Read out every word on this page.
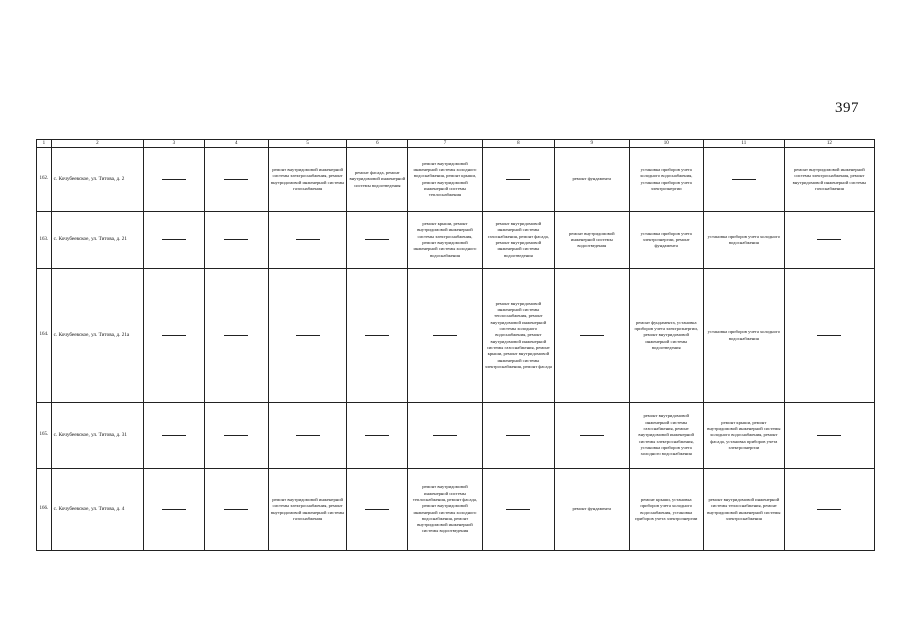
397
1	2	3	4	5	6	7	8	9	10	11	12
162.	с. Кочубеевское, ул. Титова, д. 2			ремонт внутридомовой инженерной системы электроснабжения, ремонт внутридомовой инженерной системы газоснабжения	ремонт фасада, ремонт внутридомовой инженерной системы водоотведения	ремонт внутридомовой инженерной системы холодного водоснабжения, ремонт крыши, ремонт внутридомовой инженерной системы теплоснабжения		ремонт фундамента	установка приборов учета холодного водоснабжения, установка приборов учета электроэнергии		ремонт внутридомовой инженерной системы электроснабжения, ремонт внутридомовой инженерной системы газоснабжения
163.	с. Кочубеевское, ул. Титова, д. 21					ремонт крыши, ремонт внутридомовой инженерной системы электроснабжения, ремонт внутридомовой инженерной системы холодного водоснабжения	ремонт внутридомовой инженерной системы газоснабжения, ремонт фасада, ремонт внутридомовой инженерной системы водоотведения	ремонт внутридомовой инженерной системы водоотведения	установка приборов учета электроэнергии, ремонт фундамента	установка приборов учета холодного водоснабжения	
164.	с. Кочубеевское, ул. Титова, д. 21а						ремонт внутридомовой инженерной системы теплоснабжения, ремонт внутридомовой инженерной системы холодного водоснабжения, ремонт внутридомовой инженерной системы газоснабжения, ремонт крыши, ремонт внутридомовой инженерной системы электроснабжения, ремонт фасада		ремонт фундамента, установка приборов учета электроэнергии, ремонт внутридомовой инженерной системы водоотведения	установка приборов учета холодного водоснабжения	
165.	с. Кочубеевское, ул. Титова, д. 31								ремонт внутридомовой инженерной системы газоснабжения, ремонт внутридомовой инженерной системы электроснабжения, установка приборов учета холодного водоснабжения	ремонт крыши, ремонт внутридомовой инженерной системы холодного водоснабжения, ремонт фасада, установка приборов учета электроэнергии	
166.	с. Кочубеевское, ул. Титова, д. 4			ремонт внутридомовой инженерной системы электроснабжения, ремонт внутридомовой инженерной системы газоснабжения		ремонт внутридомовой инженерной системы теплоснабжения, ремонт фасада, ремонт внутридомовой инженерной системы холодного водоснабжения, ремонт внутридомовой инженерной системы водоотведения		ремонт фундамента	ремонт крыши, установка приборов учета холодного водоснабжения, установка приборов учета электроэнергии	ремонт внутридомовой инженерной системы теплоснабжения, ремонт внутридомовой инженерной системы электроснабжения	
